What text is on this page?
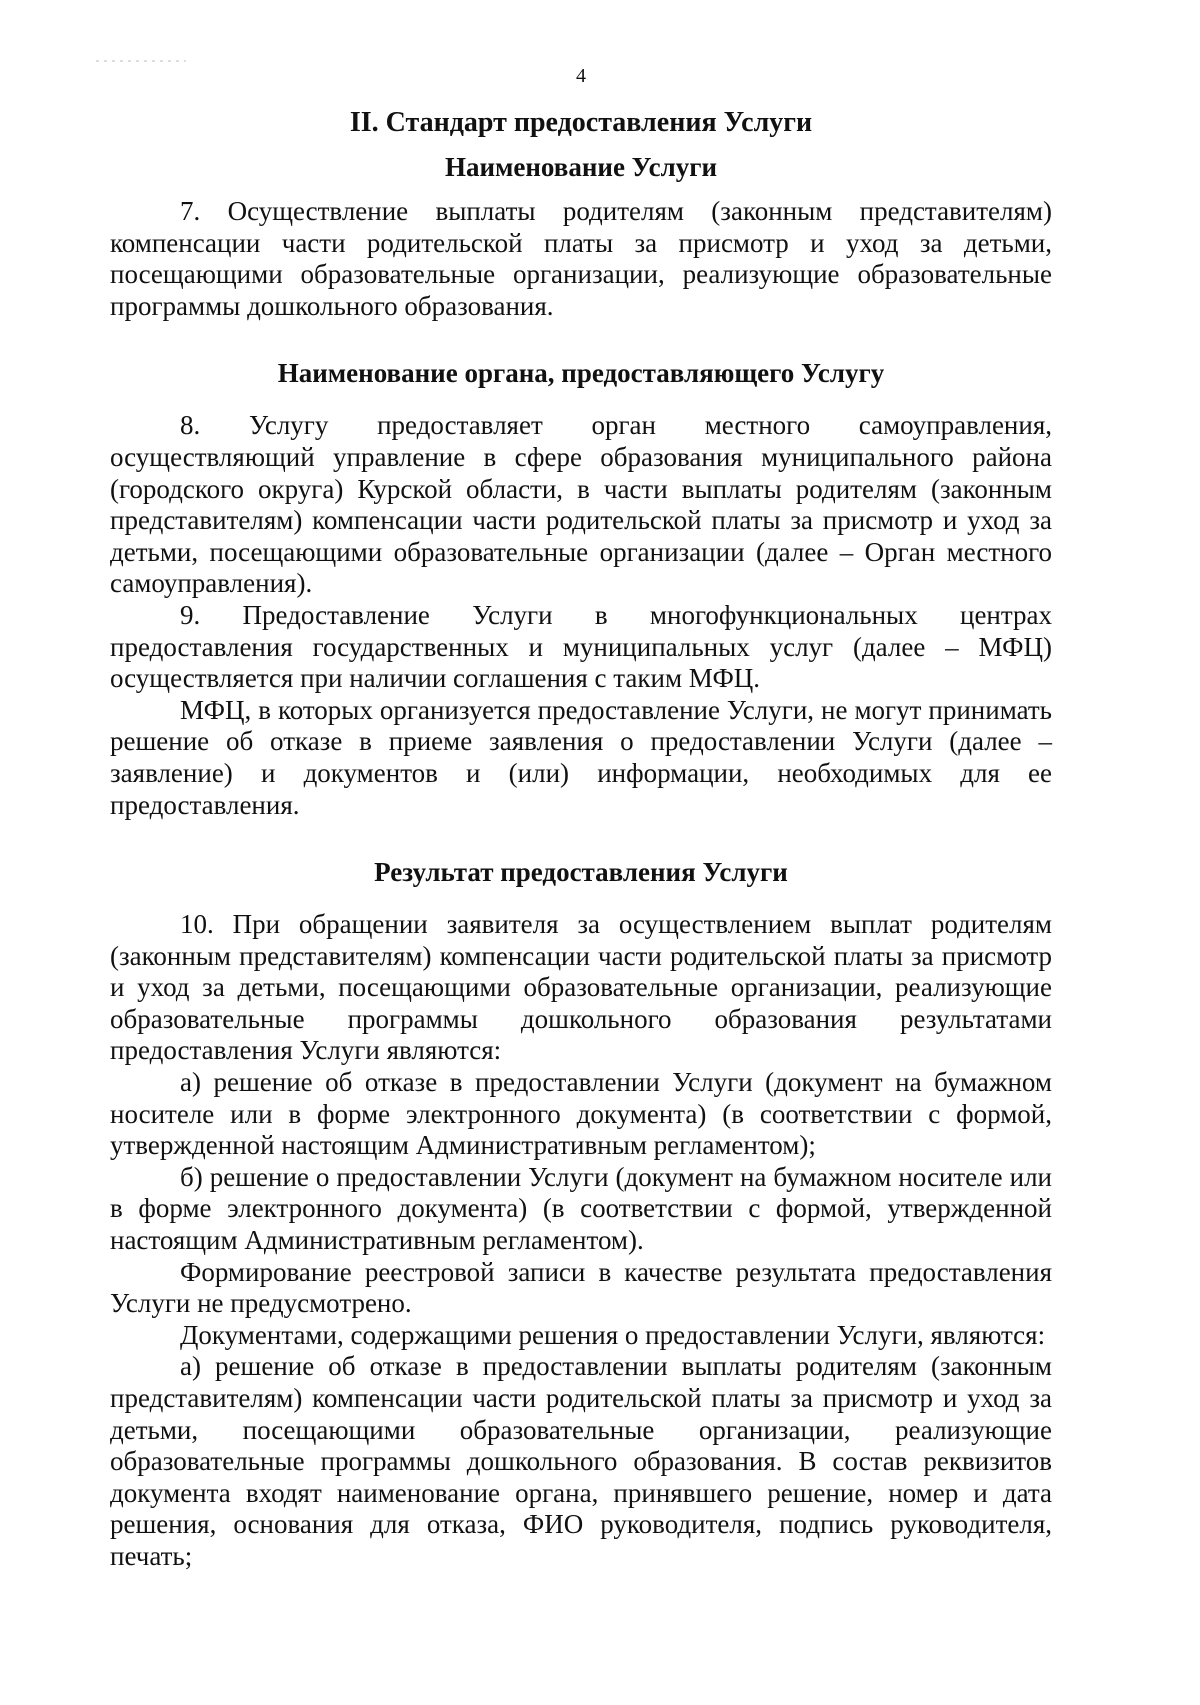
4
II. Стандарт предоставления Услуги
Наименование Услуги

7. Осуществление выплаты родителям (законным представителям) компенсации части родительской платы за присмотр и уход за детьми, посещающими образовательные организации, реализующие образовательные программы дошкольного образования.

Наименование органа, предоставляющего Услугу

8. Услугу предоставляет орган местного самоуправления, осуществляющий управление в сфере образования муниципального района (городского округа) Курской области, в части выплаты родителям (законным представителям) компенсации части родительской платы за присмотр и уход за детьми, посещающими образовательные организации (далее – Орган местного самоуправления).

9. Предоставление Услуги в многофункциональных центрах предоставления государственных и муниципальных услуг (далее – МФЦ) осуществляется при наличии соглашения с таким МФЦ.

МФЦ, в которых организуется предоставление Услуги, не могут принимать решение об отказе в приеме заявления о предоставлении Услуги (далее – заявление) и документов и (или) информации, необходимых для ее предоставления.

Результат предоставления Услуги

10. При обращении заявителя за осуществлением выплат родителям (законным представителям) компенсации части родительской платы за присмотр и уход за детьми, посещающими образовательные организации, реализующие образовательные программы дошкольного образования результатами предоставления Услуги являются:

а) решение об отказе в предоставлении Услуги (документ на бумажном носителе или в форме электронного документа) (в соответствии с формой, утвержденной настоящим Административным регламентом);

б) решение о предоставлении Услуги (документ на бумажном носителе или в форме электронного документа) (в соответствии с формой, утвержденной настоящим Административным регламентом).

Формирование реестровой записи в качестве результата предоставления Услуги не предусмотрено.

Документами, содержащими решения о предоставлении Услуги, являются:

а) решение об отказе в предоставлении выплаты родителям (законным представителям) компенсации части родительской платы за присмотр и уход за детьми, посещающими образовательные организации, реализующие образовательные программы дошкольного образования. В состав реквизитов документа входят наименование органа, принявшего решение, номер и дата решения, основания для отказа, ФИО руководителя, подпись руководителя, печать;
